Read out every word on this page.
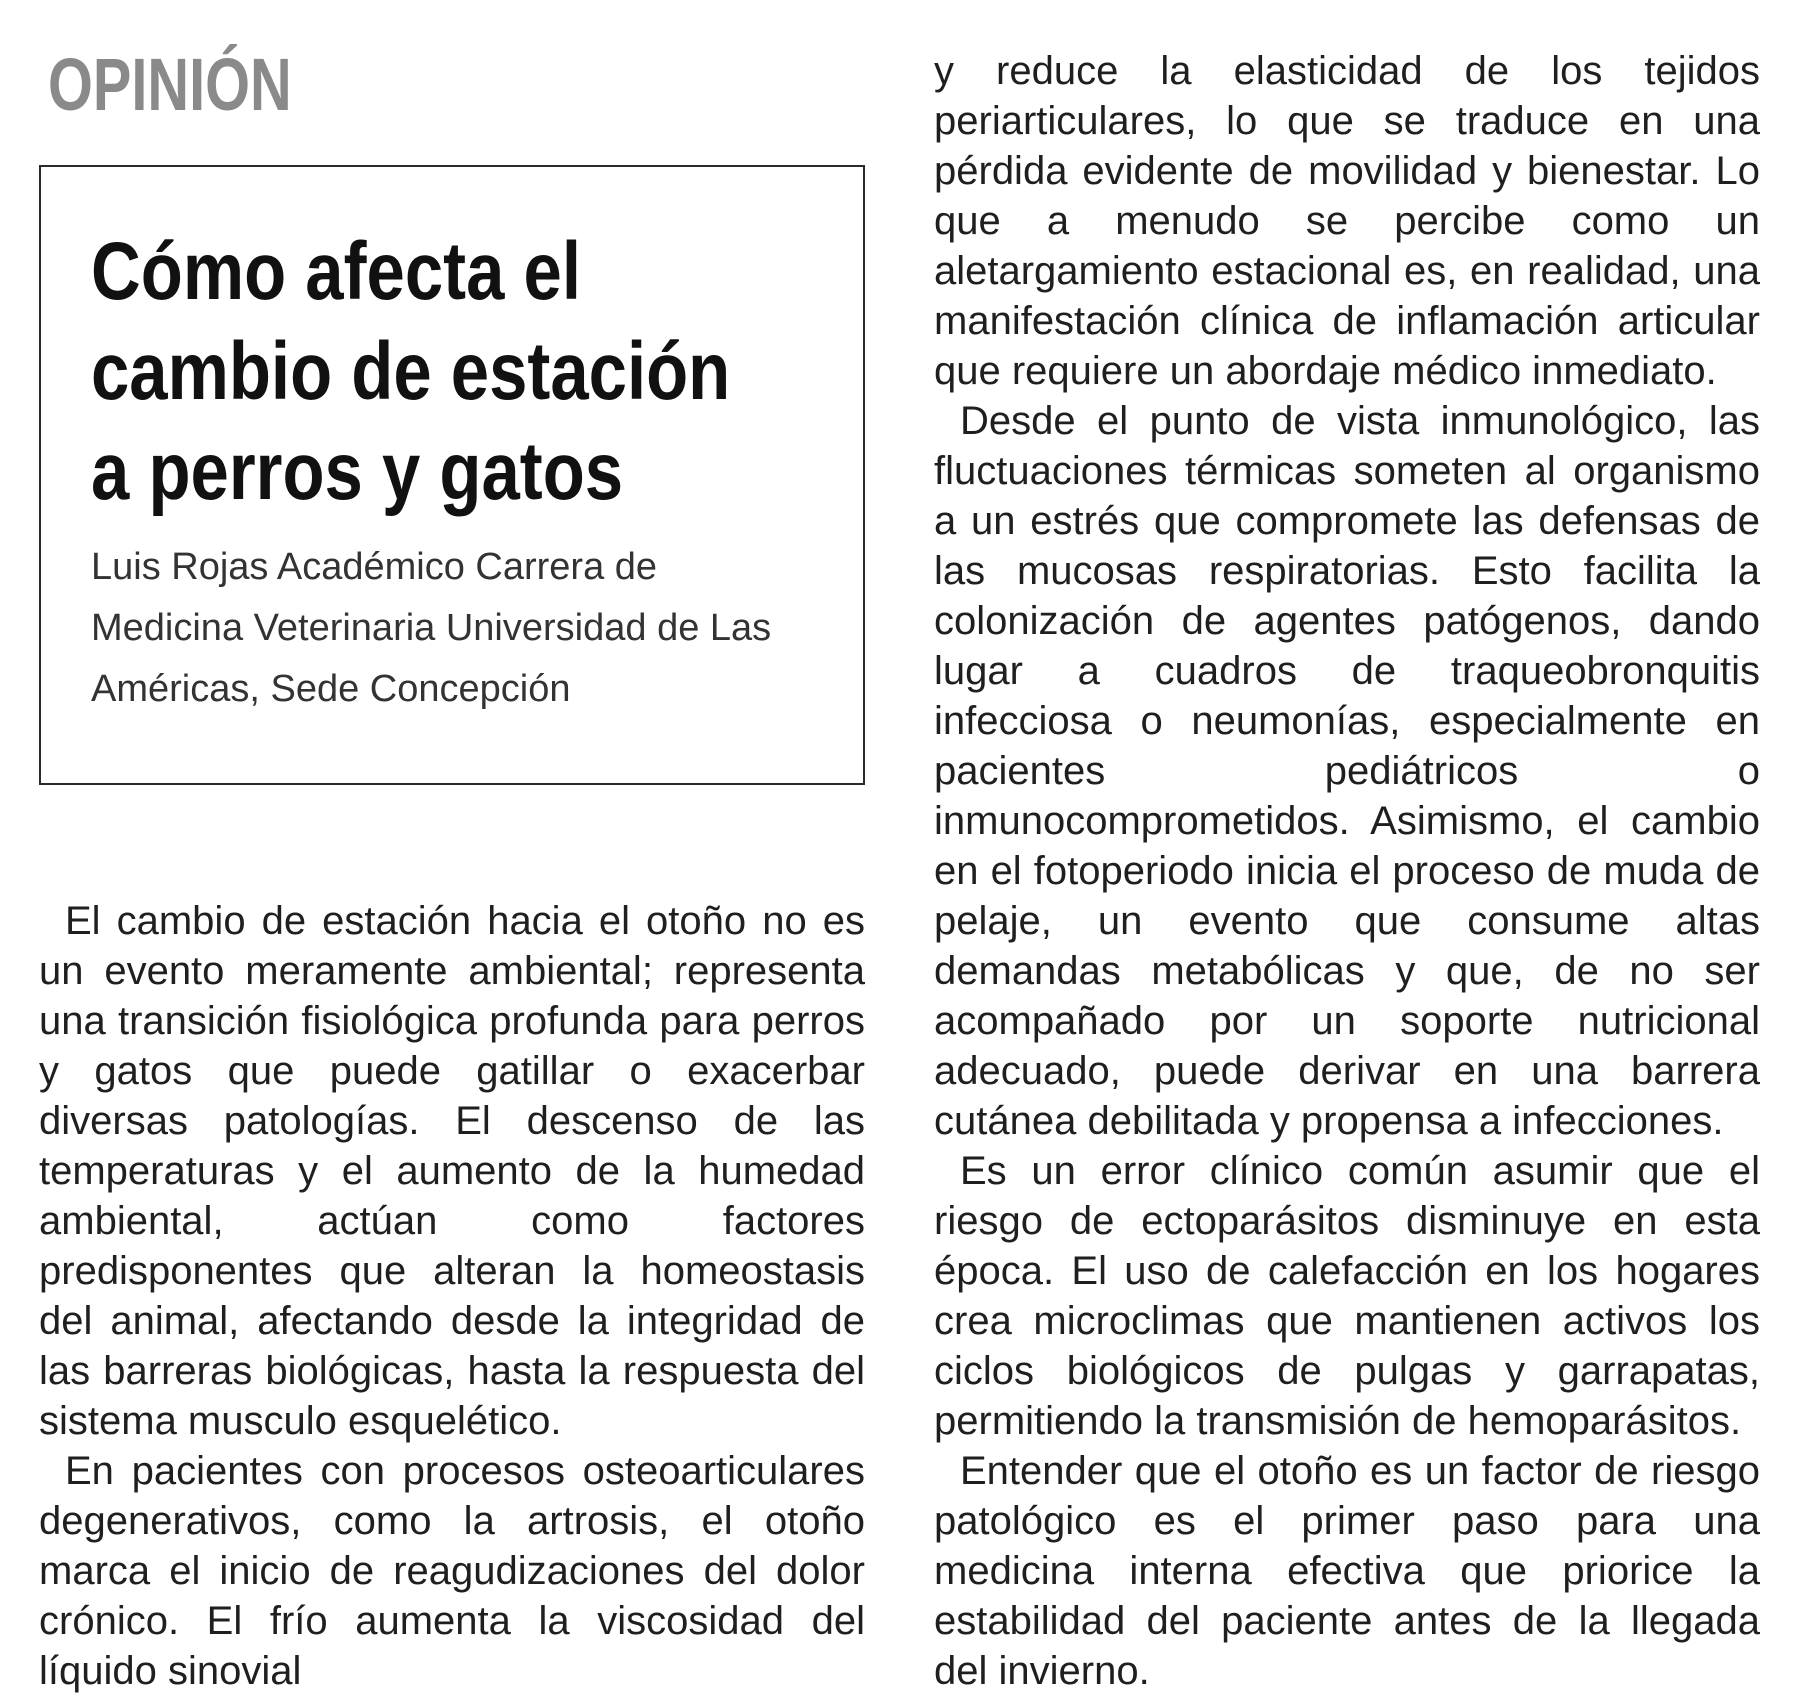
OPINIÓN
Cómo afecta el
cambio de estación
a perros y gatos

Luis Rojas Académico Carrera de
Medicina Veterinaria Universidad de Las
Américas, Sede Concepción

El cambio de estación hacia el otoño no es un evento meramente ambiental; representa una transición fisiológica profunda para perros y gatos que puede gatillar o exacerbar diversas patologías. El descenso de las temperaturas y el aumento de la humedad ambiental, actúan como factores predisponentes que alteran la homeostasis del animal, afectando desde la integridad de las barreras biológicas, hasta la respuesta del sistema musculo esquelético.

En pacientes con procesos osteoarticulares degenerativos, como la artrosis, el otoño marca el inicio de reagudizaciones del dolor crónico. El frío aumenta la viscosidad del líquido sinovial

y reduce la elasticidad de los tejidos periarticulares, lo que se traduce en una pérdida evidente de movilidad y bienestar. Lo que a menudo se percibe como un aletargamiento estacional es, en realidad, una manifestación clínica de inflamación articular que requiere un abordaje médico inmediato.

Desde el punto de vista inmunológico, las fluctuaciones térmicas someten al organismo a un estrés que compromete las defensas de las mucosas respiratorias. Esto facilita la colonización de agentes patógenos, dando lugar a cuadros de traqueobronquitis infecciosa o neumonías, especialmente en pacientes pediátricos o inmunocomprometidos. Asimismo, el cambio en el fotoperiodo inicia el proceso de muda de pelaje, un evento que consume altas demandas metabólicas y que, de no ser acompañado por un soporte nutricional adecuado, puede derivar en una barrera cutánea debilitada y propensa a infecciones.

Es un error clínico común asumir que el riesgo de ectoparásitos disminuye en esta época. El uso de calefacción en los hogares crea microclimas que mantienen activos los ciclos biológicos de pulgas y garrapatas, permitiendo la transmisión de hemoparásitos.

Entender que el otoño es un factor de riesgo patológico es el primer paso para una medicina interna efectiva que priorice la estabilidad del paciente antes de la llegada del invierno.
